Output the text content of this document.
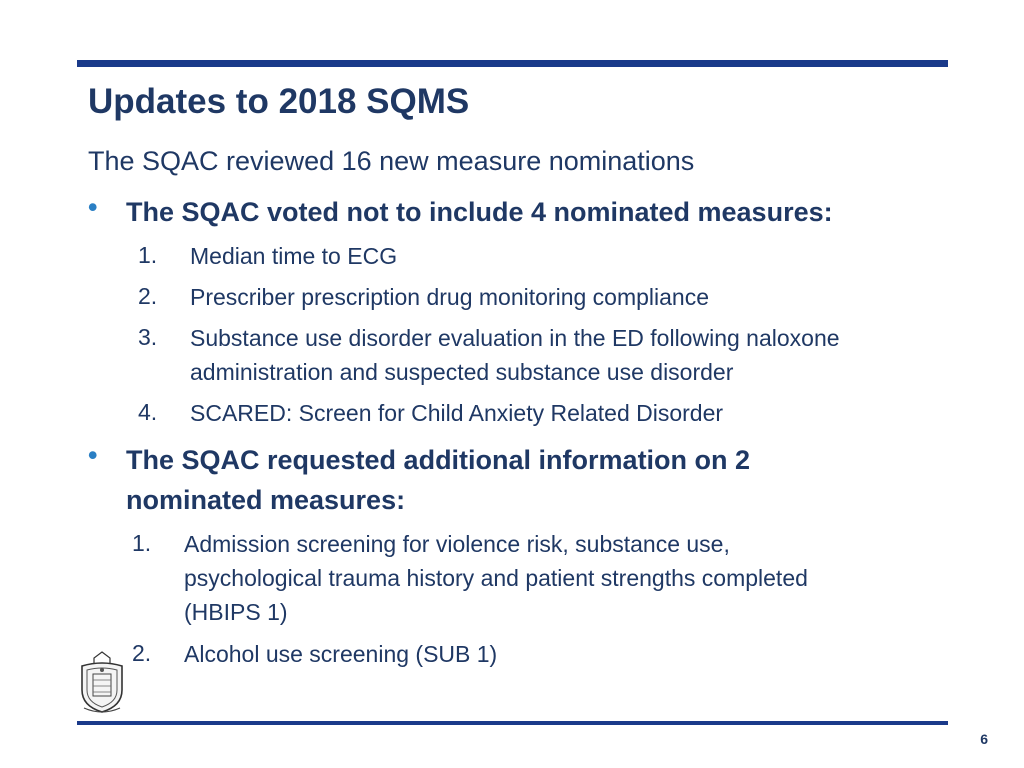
Updates to 2018 SQMS
The SQAC reviewed 16 new measure nominations
• The SQAC voted not to include 4 nominated measures:
1. Median time to ECG
2. Prescriber prescription drug monitoring compliance
3. Substance use disorder evaluation in the ED following naloxone
administration and suspected substance use disorder
4. SCARED: Screen for Child Anxiety Related Disorder
• The SQAC requested additional information on 2
nominated measures:
1. Admission screening for violence risk, substance use,
psychological trauma history and patient strengths completed
(HBIPS 1)
2. Alcohol use screening (SUB 1)
6
